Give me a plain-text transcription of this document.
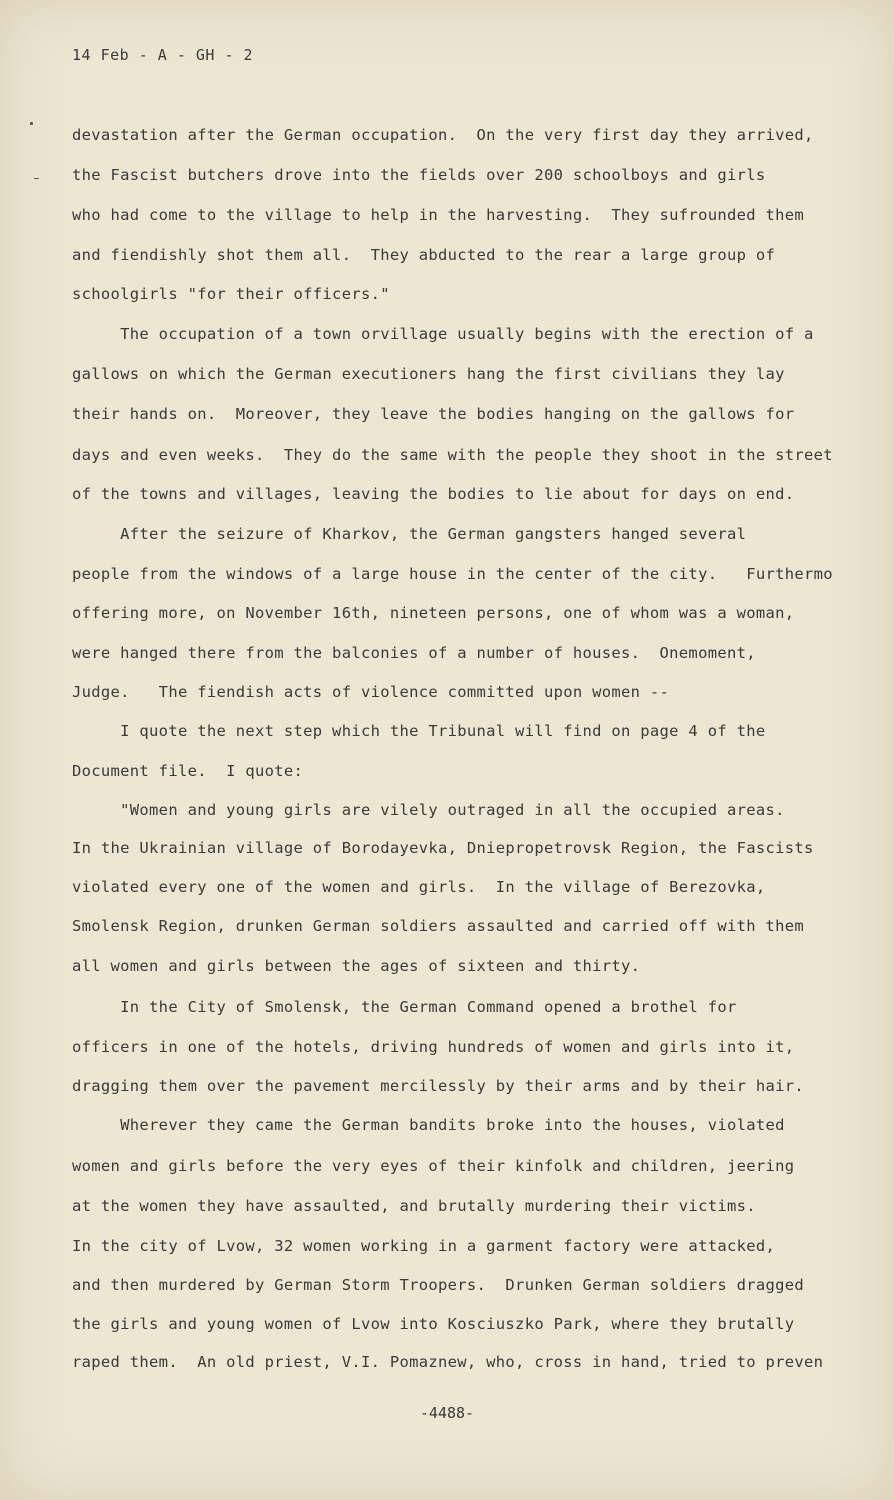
14 Feb - A - GH - 2
devastation after the German occupation.  On the very first day they arrived,
the Fascist butchers drove into the fields over 200 schoolboys and girls
who had come to the village to help in the harvesting.  They sufrounded them
and fiendishly shot them all.  They abducted to the rear a large group of
schoolgirls "for their officers."
The occupation of a town orvillage usually begins with the erection of a
gallows on which the German executioners hang the first civilians they lay
their hands on.  Moreover, they leave the bodies hanging on the gallows for
days and even weeks.  They do the same with the people they shoot in the street
of the towns and villages, leaving the bodies to lie about for days on end.
After the seizure of Kharkov, the German gangsters hanged several
people from the windows of a large house in the center of the city.   Furthermo
offering more, on November 16th, nineteen persons, one of whom was a woman,
were hanged there from the balconies of a number of houses.  Onemoment,
Judge.   The fiendish acts of violence committed upon women --
I quote the next step which the Tribunal will find on page 4 of the
Document file.  I quote:
"Women and young girls are vilely outraged in all the occupied areas.
In the Ukrainian village of Borodayevka, Dniepropetrovsk Region, the Fascists
violated every one of the women and girls.  In the village of Berezovka,
Smolensk Region, drunken German soldiers assaulted and carried off with them
all women and girls between the ages of sixteen and thirty.
In the City of Smolensk, the German Command opened a brothel for
officers in one of the hotels, driving hundreds of women and girls into it,
dragging them over the pavement mercilessly by their arms and by their hair.
Wherever they came the German bandits broke into the houses, violated
women and girls before the very eyes of their kinfolk and children, jeering
at the women they have assaulted, and brutally murdering their victims.
In the city of Lvow, 32 women working in a garment factory were attacked,
and then murdered by German Storm Troopers.  Drunken German soldiers dragged
the girls and young women of Lvow into Kosciuszko Park, where they brutally
raped them.  An old priest, V.I. Pomaznew, who, cross in hand, tried to preven
-4488-
